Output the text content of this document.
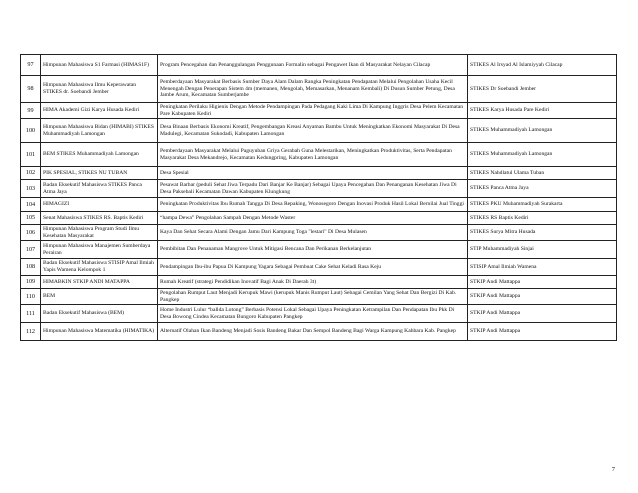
97	Himpunan Mahasiswa S1 Farmasi (HIMAS1F)	Program Pencegahan dan Penanggulangan Penggunaan Formalin sebagai Pengawet Ikan di Masyarakat Nelayan Cilacap	STIKES Al Irsyad Al Islamiyyah Cilacap
98	Himpunan Mahasiswa Ilmu Keperawatan STIKES dr. Soebandi Jember	Pemberdayaan Masyarakat Berbasis Sumber Daya Alam Dalam Rangka Peningkatan Pendapatan Melalui Pengolahan Usaha Kecil Menengah Dengan Penerapan Sistem 4m (memanen, Mengolah, Memasarkan, Menanam Kembali) Di Dusun Sumber Petung, Desa Jambe Arum, Kecamatan Sumberjambe	STIKES Dr Soebandi Jember
99	HIMA Akademi Gizi Karya Husada Kediri	Peningkatan Perilaku Higienis Dengan Metode Pendampingan Pada Pedagang Kaki Lima Di Kampung Inggris Desa Pelem Kecamatan Pare Kabupaten Kediri	STIKES Karya Husada Pare Kediri
100	Himpunan Mahasiswa Bidan (HIMABI) STIKES Muhammadiyah Lamongan	Desa Binaan Berbasis Ekonomi Kreatif, Pengembangan Kreasi Anyaman Bambu Untuk Meningkatkan Ekonomi Masyarakat Di Desa Madulegi, Kecamatan Sukodadi, Kabupaten Lamongan	STIKES Muhammadiyah Lamongan
101	BEM STIKES Muhammadiyah Lamongan	Pemberdayaan Masyarakat Melalui Paguyuban Griya Gerabah Guna Melestarikan, Meningkatkan Produktivitas, Serta Pendapatan Masyarakat Desa Mekandrejo, Kecamatan Kedungpring, Kabupaten Lamongan	STIKES Muhammadiyah Lamongan
102	PIK SPESIAL, STIKES NU TUBAN	Desa Spesial	STIKES Nahdlatul Ulama Tuban
103	Badan Eksekutif Mahasiswa STIKES Panca Atma Jaya	Pesawat Barbar (peduli Sehat Jiwa Terpadu Dari Banjar Ke Banjar) Sebagai Upaya Pencegahan Dan Penanganan Kesehatan Jiwa Di Desa Paksebali Kecamatan Dawan Kabupaten Klungkung	STIKES Panca Atma Jaya
104	HIMAGIZI	Peningkatan Produktivitas Ibu Rumah Tangga Di Desa Repaking, Wonosegoro Dengan Inovasi Produk Hasil Lokal Bernilai Jual Tinggi	STIKES PKU Muhammadiyah Surakarta
105	Senat Mahasiswa STIKES RS. Baptis Kediri	“hampa Dewa” Pengolahan Sampah Dengan Metode Waster	STIKES RS Baptis Kediri
106	Himpunan Mahasiswa Program Studi Ilmu Kesehatan Masyarakat	Kaya Dan Sehat Secara Alami Dengan Jamu Dari Kampung Toga "lestari" Di Desa Mulasen	STIKES Surya Mitra Husada
107	Himpunan Mahasiswa Manajemen Sumberdaya Perairan	Pembibitan Dan Penanaman Mangrove Untuk Mitigasi Bencana Dan Perikanan Berkelanjutan	STIP Muhammadiyah Sinjai
108	Badan Eksekutif Mahasiswa STISIP Amal Ilmiah Yapis Wamena Kelompok 1	Pendampingan Ibu-ibu Papua Di Kampung Yagara Sebagai Pembuat Cake Sehat Keladi Rasa Keju	STISIP Amal Ilmiah Wamena
109	HIMABKIN STKIP ANDI MATAPPA	Rumah Kreatif (strategi Pendidikan Inovatif Bagi Anak Di Daerah 3t)	STKIP Andi Mattappa
110	BEM	Pengolahan Rumput Laut Menjadi Kerupuk Mawi (kerupuk Manis Rumput Laut) Sebagai Cemilan Yang Sehat Dan Bergizi Di Kab. Pangkep	STKIP Andi Mattappa
111	Badan Eksekutif Mahasiswa (BEM)	Home Industri Lulur “ballda Lotong” Berbasis Potensi Lokal Sebagai Upaya Peningkatan Ketrampilan Dan Pendapatan Ibu Pkk Di Desa Bowong Cindea Kecamatan Bungoro Kabupaten Pangkep	STKIP Andi Mattappa
112	Himpunan Mahasiswa Matematika (HIMATIKA)	Alternatif Olahan Ikan Bandeng Menjadi Sosis Bandeng Bakar Dan Sempol Bandeng Bagi Warga Kampung Kahbara Kab. Pangkep	STKIP Andi Mattappa
7
